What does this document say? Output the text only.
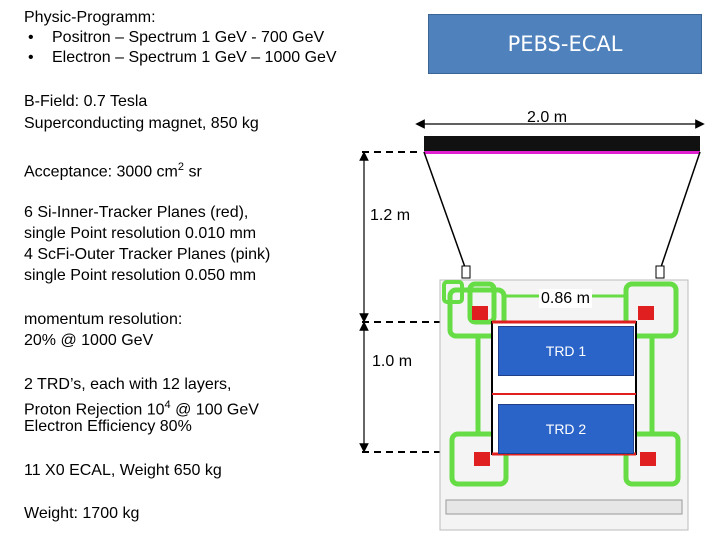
Physic-Programm:
• Positron – Spectrum 1 GeV - 700 GeV
• Electron – Spectrum 1 GeV – 1000 GeV
B-Field: 0.7 Tesla
Superconducting magnet, 850 kg
Acceptance: 3000 $cm^2$ sr
6 Si-Inner-Tracker Planes (red),
single Point resolution 0.010 mm
4 ScFi-Outer Tracker Planes (pink)
single Point resolution 0.050 mm
momentum resolution:
20% @ 1000 GeV
2 TRD’s, each with 12 layers,
Proton Rejection $10^4$ @ 100 GeV
Electron Efficiency 80%
11 X0 ECAL, Weight 650 kg
Weight: 1700 kg
PEBS-ECAL
TRD 1
TRD 2
2.0 m
1.2 m
0.86 m
1.0 m
